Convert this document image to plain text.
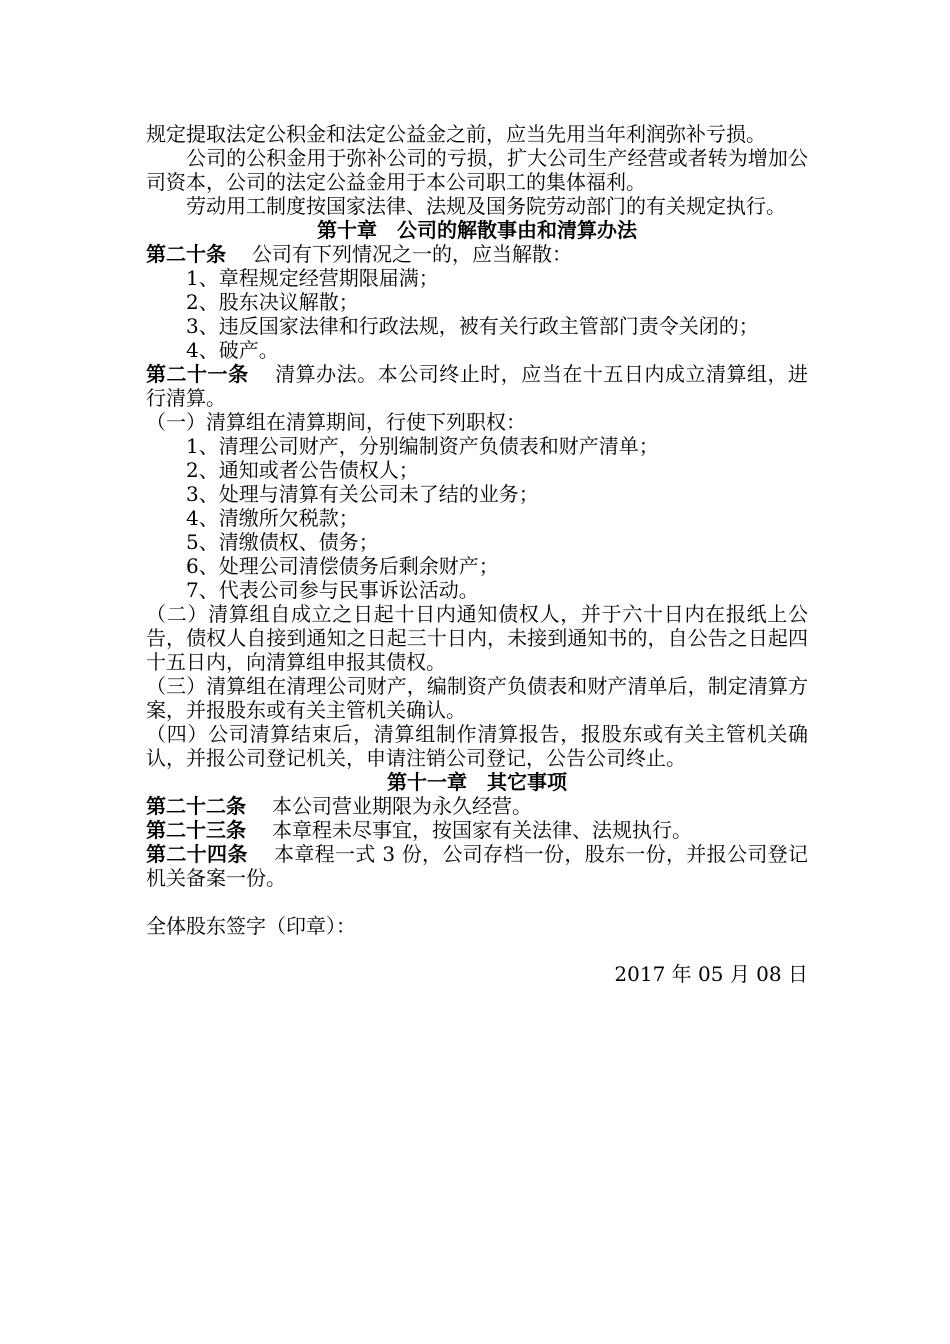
规定提取法定公积金和法定公益金之前，应当先用当年利润弥补亏损。
公司的公积金用于弥补公司的亏损，扩大公司生产经营或者转为增加公司资本，公司的法定公益金用于本公司职工的集体福利。
劳动用工制度按国家法律、法规及国务院劳动部门的有关规定执行。
第十章　公司的解散事由和清算办法
第二十条 公司有下列情况之一的，应当解散：
1、章程规定经营期限届满；
2、股东决议解散；
3、违反国家法律和行政法规，被有关行政主管部门责令关闭的；
4、破产。
第二十一条 清算办法。本公司终止时，应当在十五日内成立清算组，进行清算。
（一）清算组在清算期间，行使下列职权：
1、清理公司财产，分别编制资产负债表和财产清单；
2、通知或者公告债权人；
3、处理与清算有关公司未了结的业务；
4、清缴所欠税款；
5、清缴债权、债务；
6、处理公司清偿债务后剩余财产；
7、代表公司参与民事诉讼活动。
（二）清算组自成立之日起十日内通知债权人，并于六十日内在报纸上公告，债权人自接到通知之日起三十日内，未接到通知书的，自公告之日起四十五日内，向清算组申报其债权。
（三）清算组在清理公司财产，编制资产负债表和财产清单后，制定清算方案，并报股东或有关主管机关确认。
（四）公司清算结束后，清算组制作清算报告，报股东或有关主管机关确认，并报公司登记机关，申请注销公司登记，公告公司终止。
第十一章　其它事项
第二十二条 本公司营业期限为永久经营。
第二十三条 本章程未尽事宜，按国家有关法律、法规执行。
第二十四条 本章程一式 3 份，公司存档一份，股东一份，并报公司登记机关备案一份。
全体股东签字（印章）：
2017 年 05 月 08 日
